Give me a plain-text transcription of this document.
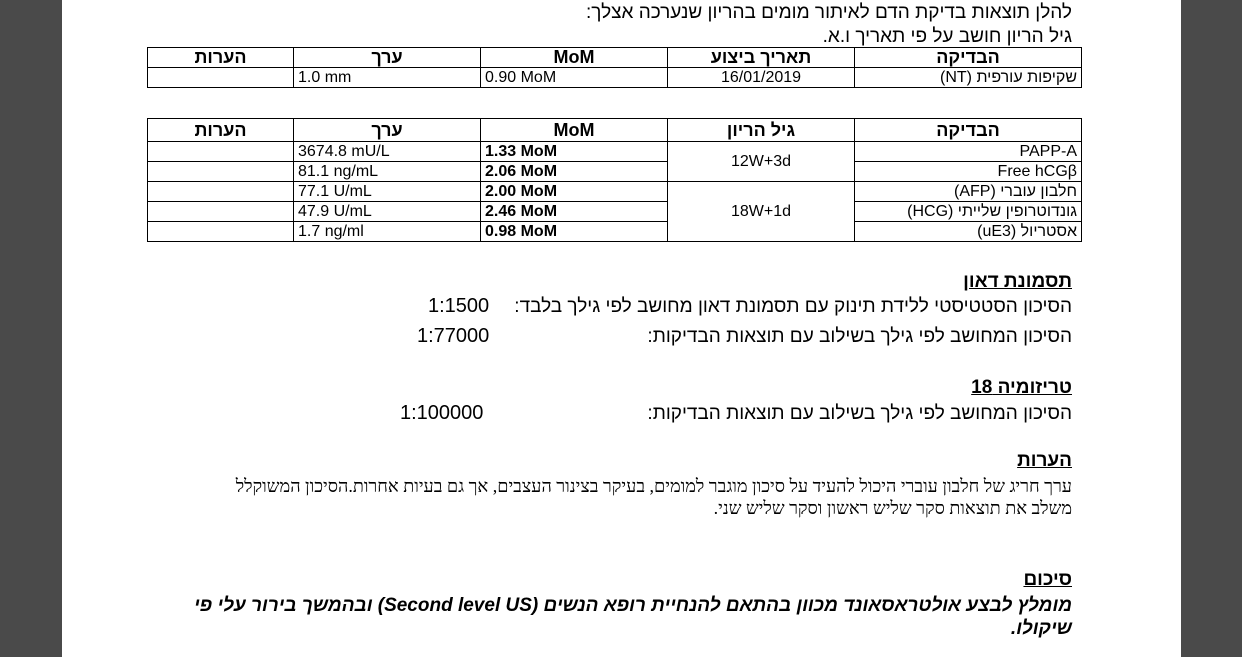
להלן תוצאות בדיקת הדם לאיתור מומים בהריון שנערכה אצלך:
גיל הריון חושב על פי תאריך ו.א.
הבדיקה	תאריך ביצוע	MoM	ערך	הערות
שקיפות עורפית (NT)	16/01/2019	0.90 MoM	1.0 mm	
הבדיקה	גיל הריון	MoM	ערך	הערות
PAPP-A	12W+3d	1.33 MoM	3674.8 mU/L	
Free hCGβ		2.06 MoM	81.1 ng/mL	
חלבון עוברי (AFP)	18W+1d	2.00 MoM	77.1 U/mL	
גונדוטרופין שלייתי (HCG)		2.46 MoM	47.9 U/mL	
אסטריול (uE3)		0.98 MoM	1.7 ng/ml	
תסמונת דאון
הסיכון הסטטיסטי ללידת תינוק עם תסמונת דאון מחושב לפי גילך בלבד:
1:1500
הסיכון המחושב לפי גילך בשילוב עם תוצאות הבדיקות:
1:77000
טריזומיה 18
הסיכון המחושב לפי גילך בשילוב עם תוצאות הבדיקות:
1:100000
הערות
ערך חריג של חלבון עוברי היכול להעיד על סיכון מוגבר למומים, בעיקר בצינור העצבים, אך גם בעיות אחרות.הסיכון המשוקלל משלב את תוצאות סקר שליש ראשון וסקר שליש שני.
סיכום
מומלץ לבצע אולטראסאונד מכוון בהתאם להנחיית רופא הנשים (Second level US) ובהמשך בירור עלי פי שיקולו.
